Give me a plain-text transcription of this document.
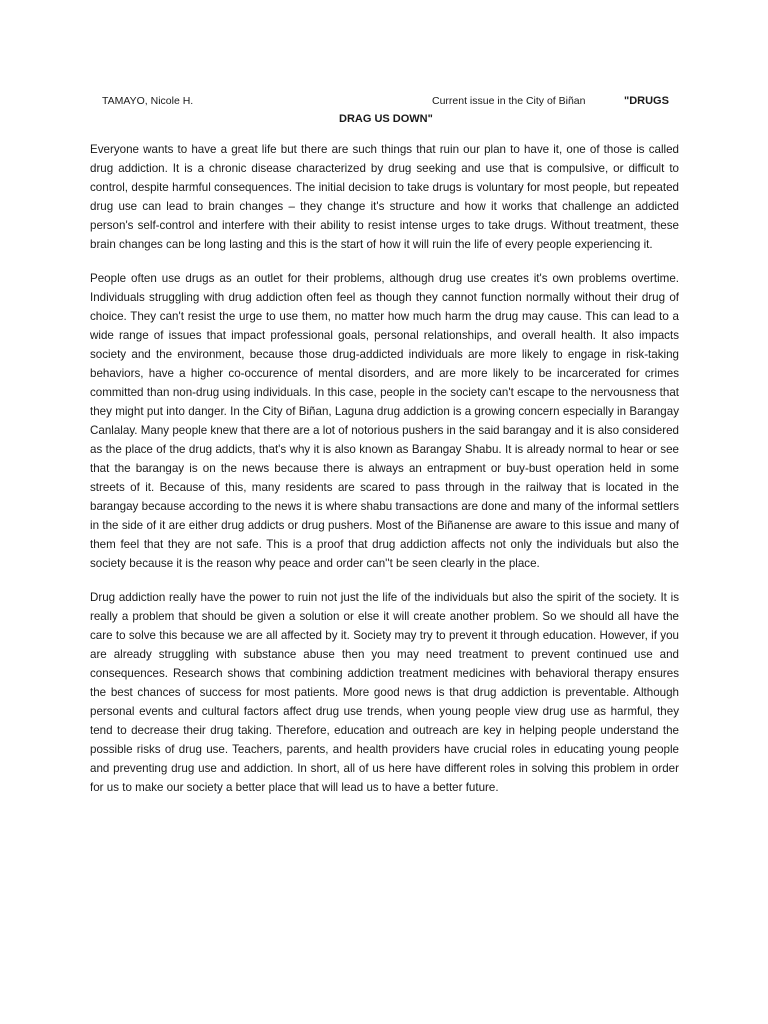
TAMAYO, Nicole H.	Current issue in the City of Biñan	"DRUGS
DRAG US DOWN"

Everyone wants to have a great life but there are such things that ruin our plan to have it, one of those is called drug addiction. It is a chronic disease characterized by drug seeking and use that is compulsive, or difficult to control, despite harmful consequences. The initial decision to take drugs is voluntary for most people, but repeated drug use can lead to brain changes – they change it's structure and how it works that challenge an addicted person's self-control and interfere with their ability to resist intense urges to take drugs. Without treatment, these brain changes can be long lasting and this is the start of how it will ruin the life of every people experiencing it.

People often use drugs as an outlet for their problems, although drug use creates it's own problems overtime. Individuals struggling with drug addiction often feel as though they cannot function normally without their drug of choice. They can't resist the urge to use them, no matter how much harm the drug may cause. This can lead to a wide range of issues that impact professional goals, personal relationships, and overall health. It also impacts society and the environment, because those drug-addicted individuals are more likely to engage in risk-taking behaviors, have a higher co-occurence of mental disorders, and are more likely to be incarcerated for crimes committed than non-drug using individuals. In this case, people in the society can't escape to the nervousness that they might put into danger. In the City of Biñan, Laguna drug addiction is a growing concern especially in Barangay Canlalay. Many people knew that there are a lot of notorious pushers in the said barangay and it is also considered as the place of the drug addicts, that's why it is also known as Barangay Shabu. It is already normal to hear or see that the barangay is on the news because there is always an entrapment or buy-bust operation held in some streets of it. Because of this, many residents are scared to pass through in the railway that is located in the barangay because according to the news it is where shabu transactions are done and many of the informal settlers in the side of it are either drug addicts or drug pushers. Most of the Biñanense are aware to this issue and many of them feel that they are not safe. This is a proof that drug addiction affects not only the individuals but also the society because it is the reason why peace and order can''t be seen clearly in the place.

Drug addiction really have the power to ruin not just the life of the individuals but also the spirit of the society. It is really a problem that should be given a solution or else it will create another problem. So we should all have the care to solve this because we are all affected by it. Society may try to prevent it through education. However, if you are already struggling with substance abuse then you may need treatment to prevent continued use and consequences. Research shows that combining addiction treatment medicines with behavioral therapy ensures the best chances of success for most patients. More good news is that drug addiction is preventable. Although personal events and cultural factors affect drug use trends, when young people view drug use as harmful, they tend to decrease their drug taking. Therefore, education and outreach are key in helping people understand the possible risks of drug use. Teachers, parents, and health providers have crucial roles in educating young people and preventing drug use and addiction. In short, all of us here have different roles in solving this problem in order for us to make our society a better place that will lead us to have a better future.
